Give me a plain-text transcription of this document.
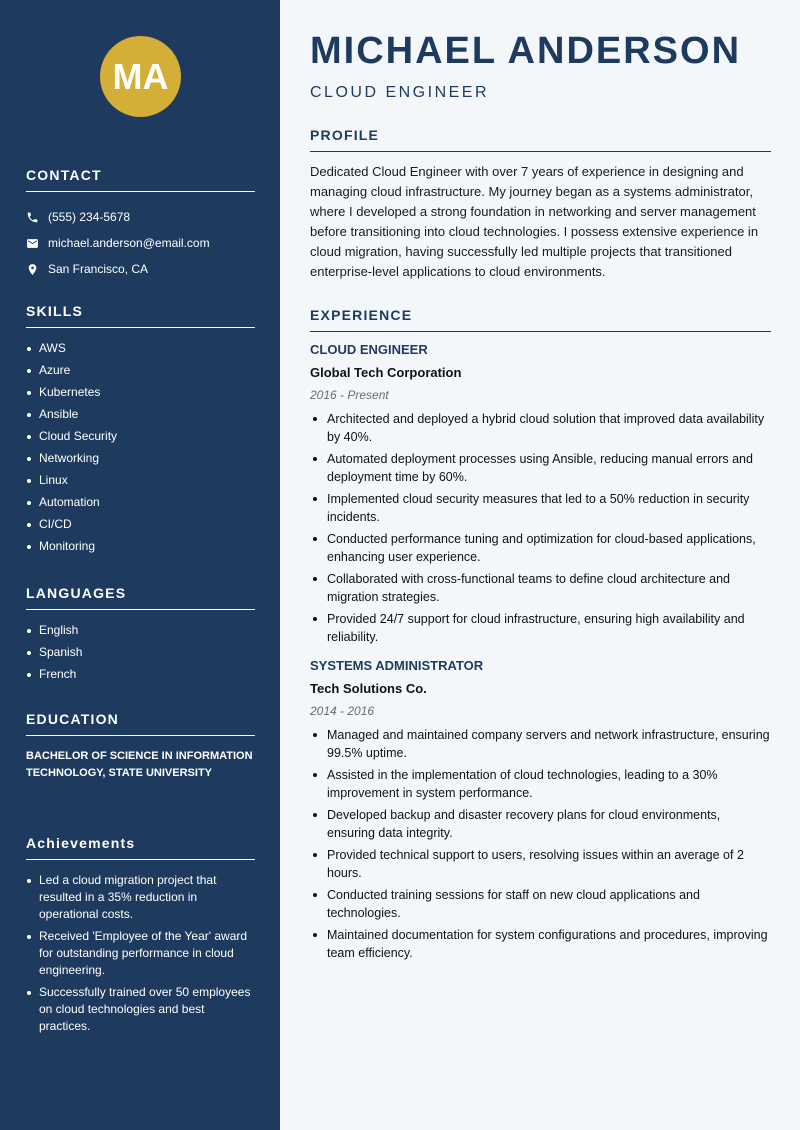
MA
CONTACT
(555) 234-5678
michael.anderson@email.com
San Francisco, CA
SKILLS
AWS
Azure
Kubernetes
Ansible
Cloud Security
Networking
Linux
Automation
CI/CD
Monitoring
LANGUAGES
English
Spanish
French
EDUCATION
BACHELOR OF SCIENCE IN INFORMATION TECHNOLOGY, STATE UNIVERSITY
Achievements
Led a cloud migration project that resulted in a 35% reduction in operational costs.
Received 'Employee of the Year' award for outstanding performance in cloud engineering.
Successfully trained over 50 employees on cloud technologies and best practices.
MICHAEL ANDERSON
CLOUD ENGINEER
PROFILE

Dedicated Cloud Engineer with over 7 years of experience in designing and managing cloud infrastructure. My journey began as a systems administrator, where I developed a strong foundation in networking and server management before transitioning into cloud technologies. I possess extensive experience in cloud migration, having successfully led multiple projects that transitioned enterprise-level applications to cloud environments.

EXPERIENCE
CLOUD ENGINEER
Global Tech Corporation
2016 - Present
Architected and deployed a hybrid cloud solution that improved data availability by 40%.
Automated deployment processes using Ansible, reducing manual errors and deployment time by 60%.
Implemented cloud security measures that led to a 50% reduction in security incidents.
Conducted performance tuning and optimization for cloud-based applications, enhancing user experience.
Collaborated with cross-functional teams to define cloud architecture and migration strategies.
Provided 24/7 support for cloud infrastructure, ensuring high availability and reliability.
SYSTEMS ADMINISTRATOR
Tech Solutions Co.
2014 - 2016
Managed and maintained company servers and network infrastructure, ensuring 99.5% uptime.
Assisted in the implementation of cloud technologies, leading to a 30% improvement in system performance.
Developed backup and disaster recovery plans for cloud environments, ensuring data integrity.
Provided technical support to users, resolving issues within an average of 2 hours.
Conducted training sessions for staff on new cloud applications and technologies.
Maintained documentation for system configurations and procedures, improving team efficiency.
